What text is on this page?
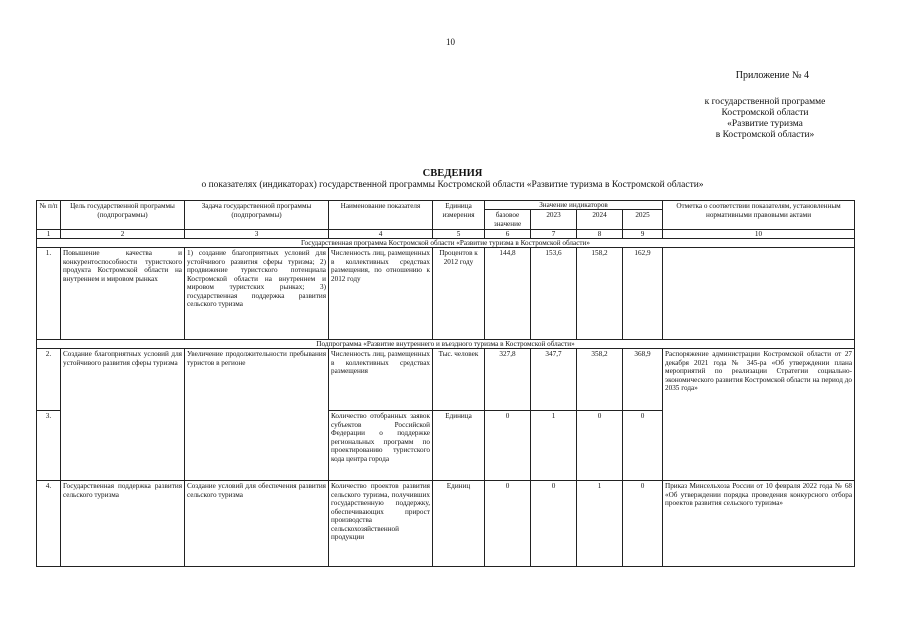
10
Приложение № 4
к государственной программе
Костромской области
«Развитие туризма
в Костромской области»
СВЕДЕНИЯ
о показателях (индикаторах) государственной программы Костромской области «Развитие туризма в Костромской области»
№ п/п	Цель государственной программы (подпрограммы)	Задача государственной программы (подпрограммы)	Наименование показателя	Единица измерения	Значение индикаторов				Отметка о соответствии показателям, установленным нормативными правовыми актами
					базовое значение	2023	2024	2025	
1	2	3	4	5	6	7	8	9	10
Государственная программа Костромской области «Развитие туризма в Костромской области»									
1.	Повышение качества и конкурентоспособности туристского продукта Костромской области на внутреннем и мировом рынках	1) создание благоприятных условий для устойчивого развития сферы туризма; 2) продвижение туристского потенциала Костромской области на внутреннем и мировом туристских рынках; 3) государственная поддержка развития сельского туризма	Численность лиц, размещенных в коллективных средствах размещения, по отношению к 2012 году	Процентов к 2012 году	144,8	153,6	158,2	162,9	
Подпрограмма «Развитие внутреннего и въездного туризма в Костромской области»									
2.	Создание благоприятных условий для устойчивого развития сферы туризма	Увеличение продолжительности пребывания туристов в регионе	Численность лиц, размещенных в коллективных средствах размещения	Тыс. человек	327,8	347,7	358,2	368,9	Распоряжение администрации Костромской области от 27 декабря 2021 года № 345-ра «Об утверждении плана мероприятий по реализации Стратегии социально-экономического развития Костромской области на период до 2035 года»
3.			Количество отобранных заявок субъектов Российской Федерации о поддержке региональных программ по проектированию туристского кода центра города	Единица	0	1	0	0	
4.	Государственная поддержка развития сельского туризма	Создание условий для обеспечения развития сельского туризма	Количество проектов развития сельского туризма, получивших государственную поддержку, обеспечивающих прирост производства сельскохозяйственной продукции	Единиц	0	0	1	0	Приказ Минсельхоза России от 10 февраля 2022 года № 68 «Об утверждении порядка проведения конкурсного отбора проектов развития сельского туризма»
